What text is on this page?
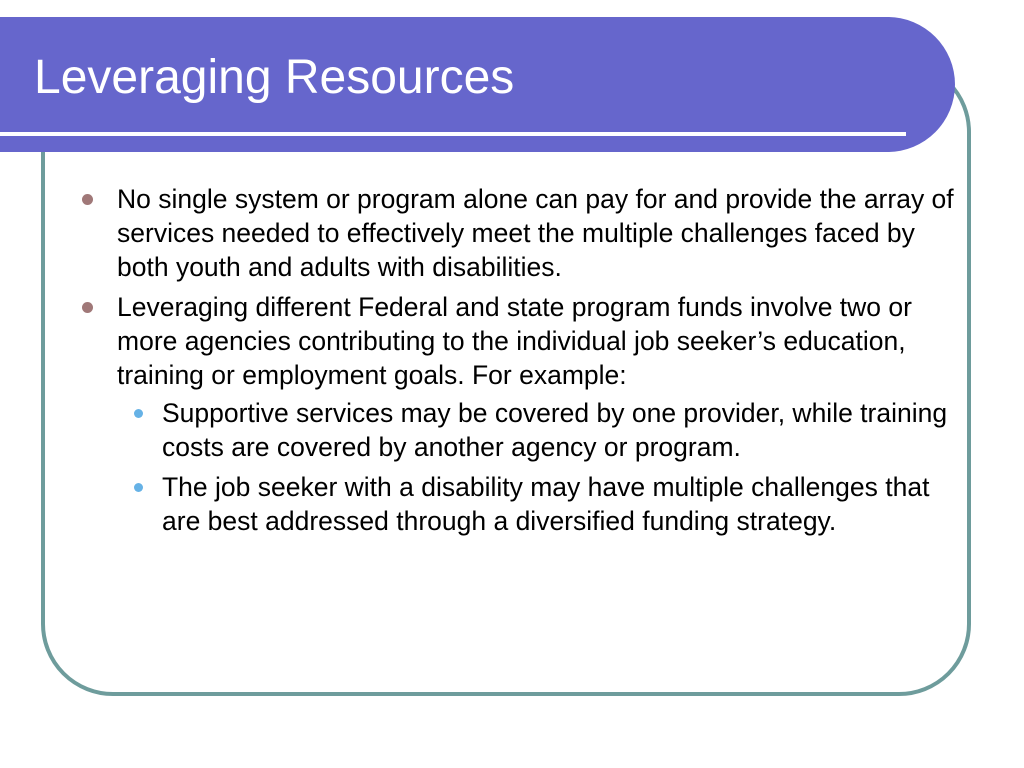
Leveraging Resources
No single system or program alone can pay for and provide the array of services needed to effectively meet the multiple challenges faced by both youth and adults with disabilities.
Leveraging different Federal and state program funds involve two or more agencies contributing to the individual job seeker’s education, training or employment goals. For example:
Supportive services may be covered by one provider, while training costs are covered by another agency or program.
The job seeker with a disability may have multiple challenges that are best addressed through a diversified funding strategy.
